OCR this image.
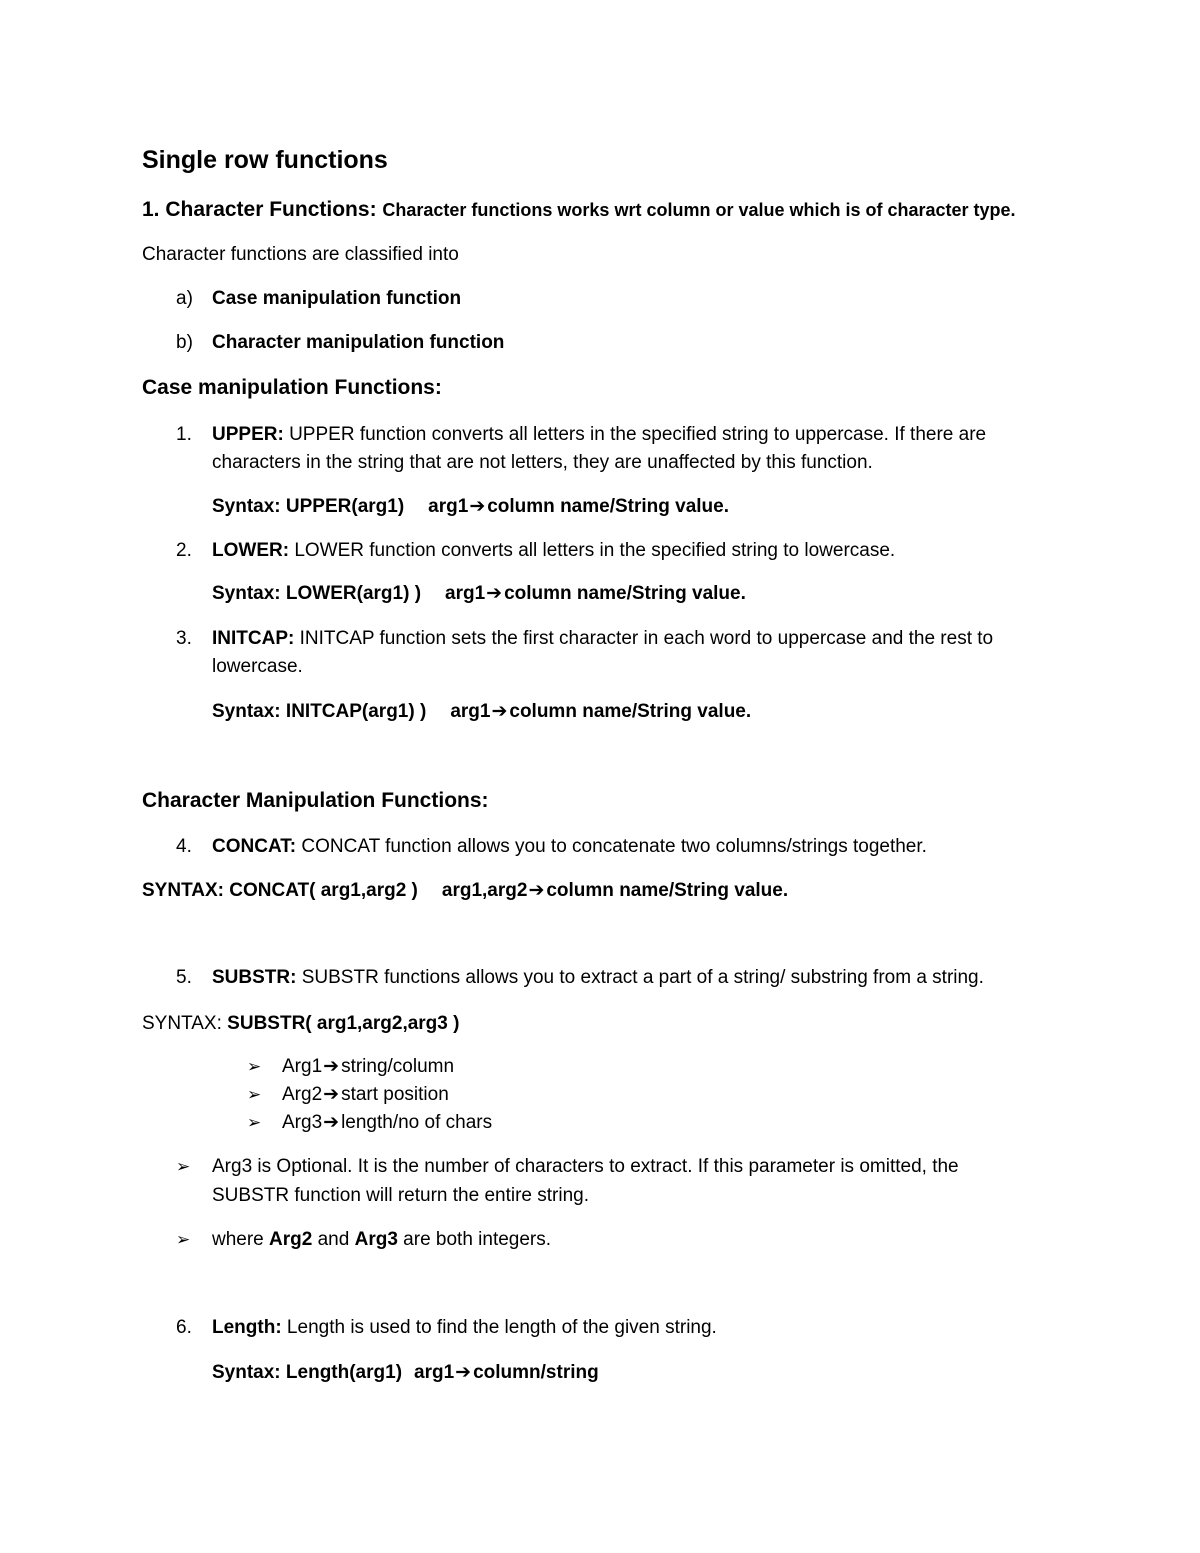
Single row functions
1. Character Functions: Character functions works wrt column or value which is of character type.
Character functions are classified into
a) Case manipulation function
b) Character manipulation function
Case manipulation Functions:
1. UPPER: UPPER function converts all letters in the specified string to uppercase. If there are
characters in the string that are not letters, they are unaffected by this function.
Syntax: UPPER(arg1) arg1➔ column name/String value.
2. LOWER: LOWER function converts all letters in the specified string to lowercase.
Syntax: LOWER(arg1) ) arg1➔ column name/String value.
3. INITCAP: INITCAP function sets the first character in each word to uppercase and the rest to
lowercase.
Syntax: INITCAP(arg1) ) arg1➔ column name/String value.
Character Manipulation Functions:
4. CONCAT: CONCAT function allows you to concatenate two columns/strings together.
SYNTAX: CONCAT( arg1,arg2 ) arg1,arg2➔ column name/String value.
5. SUBSTR: SUBSTR functions allows you to extract a part of a string/ substring from a string.
SYNTAX: SUBSTR( arg1,arg2,arg3 )
➢ Arg1➔ string/column
➢ Arg2➔ start position
➢ Arg3➔ length/no of chars
➢ Arg3 is Optional. It is the number of characters to extract. If this parameter is omitted, the
SUBSTR function will return the entire string.
➢ where Arg2 and Arg3 are both integers.
6. Length: Length is used to find the length of the given string.
Syntax: Length(arg1) arg1➔ column/string
